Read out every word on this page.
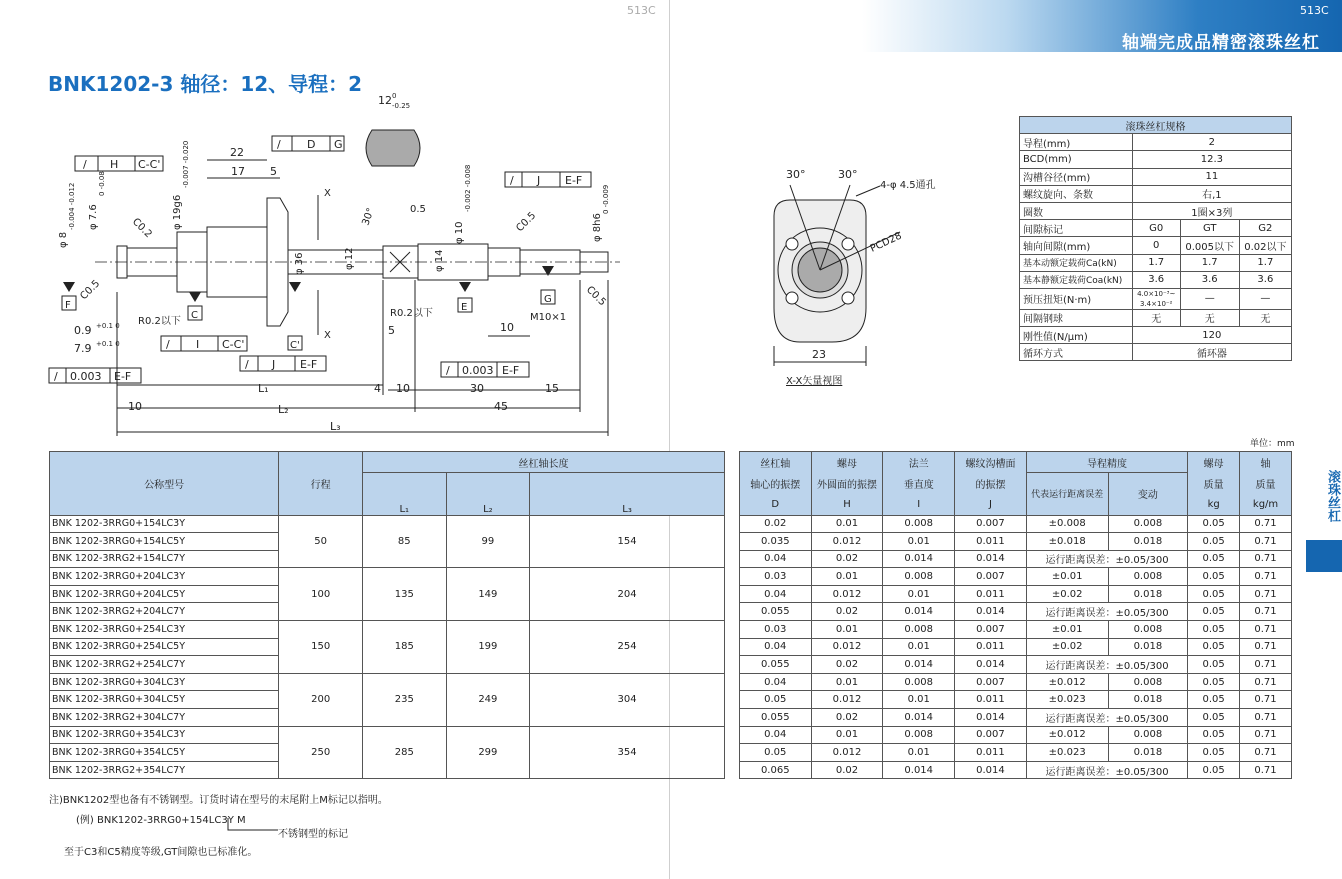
513C	513C
轴端完成品精密滚珠丝杠
BNK1202-3 轴径：12、导程：2
12 0
-0.25
22
17 5
/ D G
/ H C-C'
/ J E-F
φ 8
-0.004 -0.012 φ 7.6
0 -0.08
φ 19g6
-0.007 -0.020
φ 36	φ 12	φ 14
φ 10
-0.002 -0.008
φ 8h6
0 -0.009
C0.2
C0.5
C0.5
C0.5
30°	0.5
R0.2以下
R0.2以下
X
X
F
C
C'
E
G
M10×1
10
5
0.9 +0.1 0
7.9 +0.1 0	/ I C-C'
/ J E-F
/ 0.003 E-F	/ 0.003 E-F
L₁
L₂
L₃
4 10	30	15
10	45
30°	30°
4-φ 4.5通孔
PCD28
23
X-X矢量视图
滚珠丝杠规格			
导程(mm)	2		
BCD(mm)	12.3		
沟槽谷径(mm)	11		
螺纹旋向、条数	右,1		
圈数	1圈×3列		
间隙标记	G0	GT	G2
轴向间隙(mm)	0	0.005以下	0.02以下
基本动额定载荷Ca(kN)	1.7	1.7	1.7
基本静额定载荷Coa(kN)	3.6	3.6	3.6
预压扭矩(N·m)	4.0×10⁻³~
3.4×10⁻²	—	—
间隔钢球	无	无	无
刚性值(N/μm)	120		
循环方式	循环器		
单位：mm
公称型号	行程	丝杠轴长度				丝杠轴	螺母	法兰	螺纹沟槽面	导程精度		螺母	轴
		L₁	L₂	L₃		轴心的振摆	外圆面的振摆	垂直度	的振摆	代表运行距离误差	变动	质量	质量
						D	H	I	J			kg	kg/m
BNK 1202-3RRG0+154LC3Y	50	85	99	154		0.02	0.01	0.008	0.007	±0.008	0.008	0.05	0.71
BNK 1202-3RRG0+154LC5Y						0.035	0.012	0.01	0.011	±0.018	0.018	0.05	0.71
BNK 1202-3RRG2+154LC7Y						0.04	0.02	0.014	0.014	运行距离误差：±0.05/300		0.05	0.71
BNK 1202-3RRG0+204LC3Y	100	135	149	204		0.03	0.01	0.008	0.007	±0.01	0.008	0.05	0.71
BNK 1202-3RRG0+204LC5Y						0.04	0.012	0.01	0.011	±0.02	0.018	0.05	0.71
BNK 1202-3RRG2+204LC7Y						0.055	0.02	0.014	0.014	运行距离误差：±0.05/300		0.05	0.71
BNK 1202-3RRG0+254LC3Y	150	185	199	254		0.03	0.01	0.008	0.007	±0.01	0.008	0.05	0.71
BNK 1202-3RRG0+254LC5Y						0.04	0.012	0.01	0.011	±0.02	0.018	0.05	0.71
BNK 1202-3RRG2+254LC7Y						0.055	0.02	0.014	0.014	运行距离误差：±0.05/300		0.05	0.71
BNK 1202-3RRG0+304LC3Y	200	235	249	304		0.04	0.01	0.008	0.007	±0.012	0.008	0.05	0.71
BNK 1202-3RRG0+304LC5Y						0.05	0.012	0.01	0.011	±0.023	0.018	0.05	0.71
BNK 1202-3RRG2+304LC7Y						0.055	0.02	0.014	0.014	运行距离误差：±0.05/300		0.05	0.71
BNK 1202-3RRG0+354LC3Y	250	285	299	354		0.04	0.01	0.008	0.007	±0.012	0.008	0.05	0.71
BNK 1202-3RRG0+354LC5Y						0.05	0.012	0.01	0.011	±0.023	0.018	0.05	0.71
BNK 1202-3RRG2+354LC7Y						0.065	0.02	0.014	0.014	运行距离误差：±0.05/300		0.05	0.71
滚珠丝杠
注)BNK1202型也备有不锈钢型。订货时请在型号的末尾附上M标记以指明。
(例) BNK1202-3RRG0+154LC3Y M
不锈钢型的标记
至于C3和C5精度等级,GT间隙也已标准化。
